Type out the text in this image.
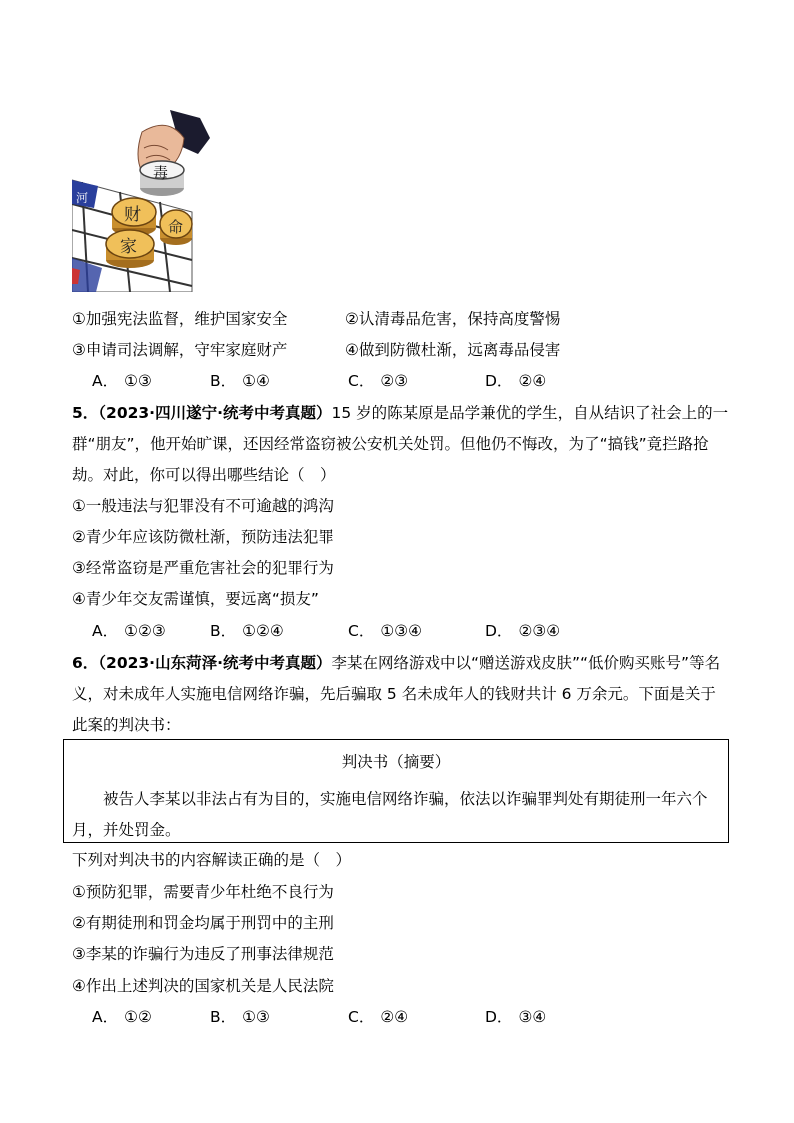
河
毒
财
命
家
①加强宪法监督，维护国家安全	②认清毒品危害，保持高度警惕
③申请司法调解，守牢家庭财产	④做到防微杜渐，远离毒品侵害
A． ①③	B． ①④	C． ②③	D． ②④
5．（2023·四川遂宁·统考中考真题）15 岁的陈某原是品学兼优的学生，自从结识了社会上的一
群“朋友”，他开始旷课，还因经常盗窃被公安机关处罚。但他仍不悔改，为了“搞钱”竟拦路抢
劫。对此，你可以得出哪些结论（　）
①一般违法与犯罪没有不可逾越的鸿沟
②青少年应该防微杜渐，预防违法犯罪
③经常盗窃是严重危害社会的犯罪行为
④青少年交友需谨慎，要远离“损友”
A． ①②③	B． ①②④	C． ①③④	D． ②③④
6．（2023·山东菏泽·统考中考真题）李某在网络游戏中以“赠送游戏皮肤”“低价购买账号”等名
义，对未成年人实施电信网络诈骗，先后骗取 5 名未成年人的钱财共计 6 万余元。下面是关于
此案的判决书：
判决书（摘要）
被告人李某以非法占有为目的，实施电信网络诈骗，依法以诈骗罪判处有期徒刑一年六个月，并处罚金。
下列对判决书的内容解读正确的是（　）
①预防犯罪，需要青少年杜绝不良行为
②有期徒刑和罚金均属于刑罚中的主刑
③李某的诈骗行为违反了刑事法律规范
④作出上述判决的国家机关是人民法院
A． ①②	B． ①③	C． ②④	D． ③④
